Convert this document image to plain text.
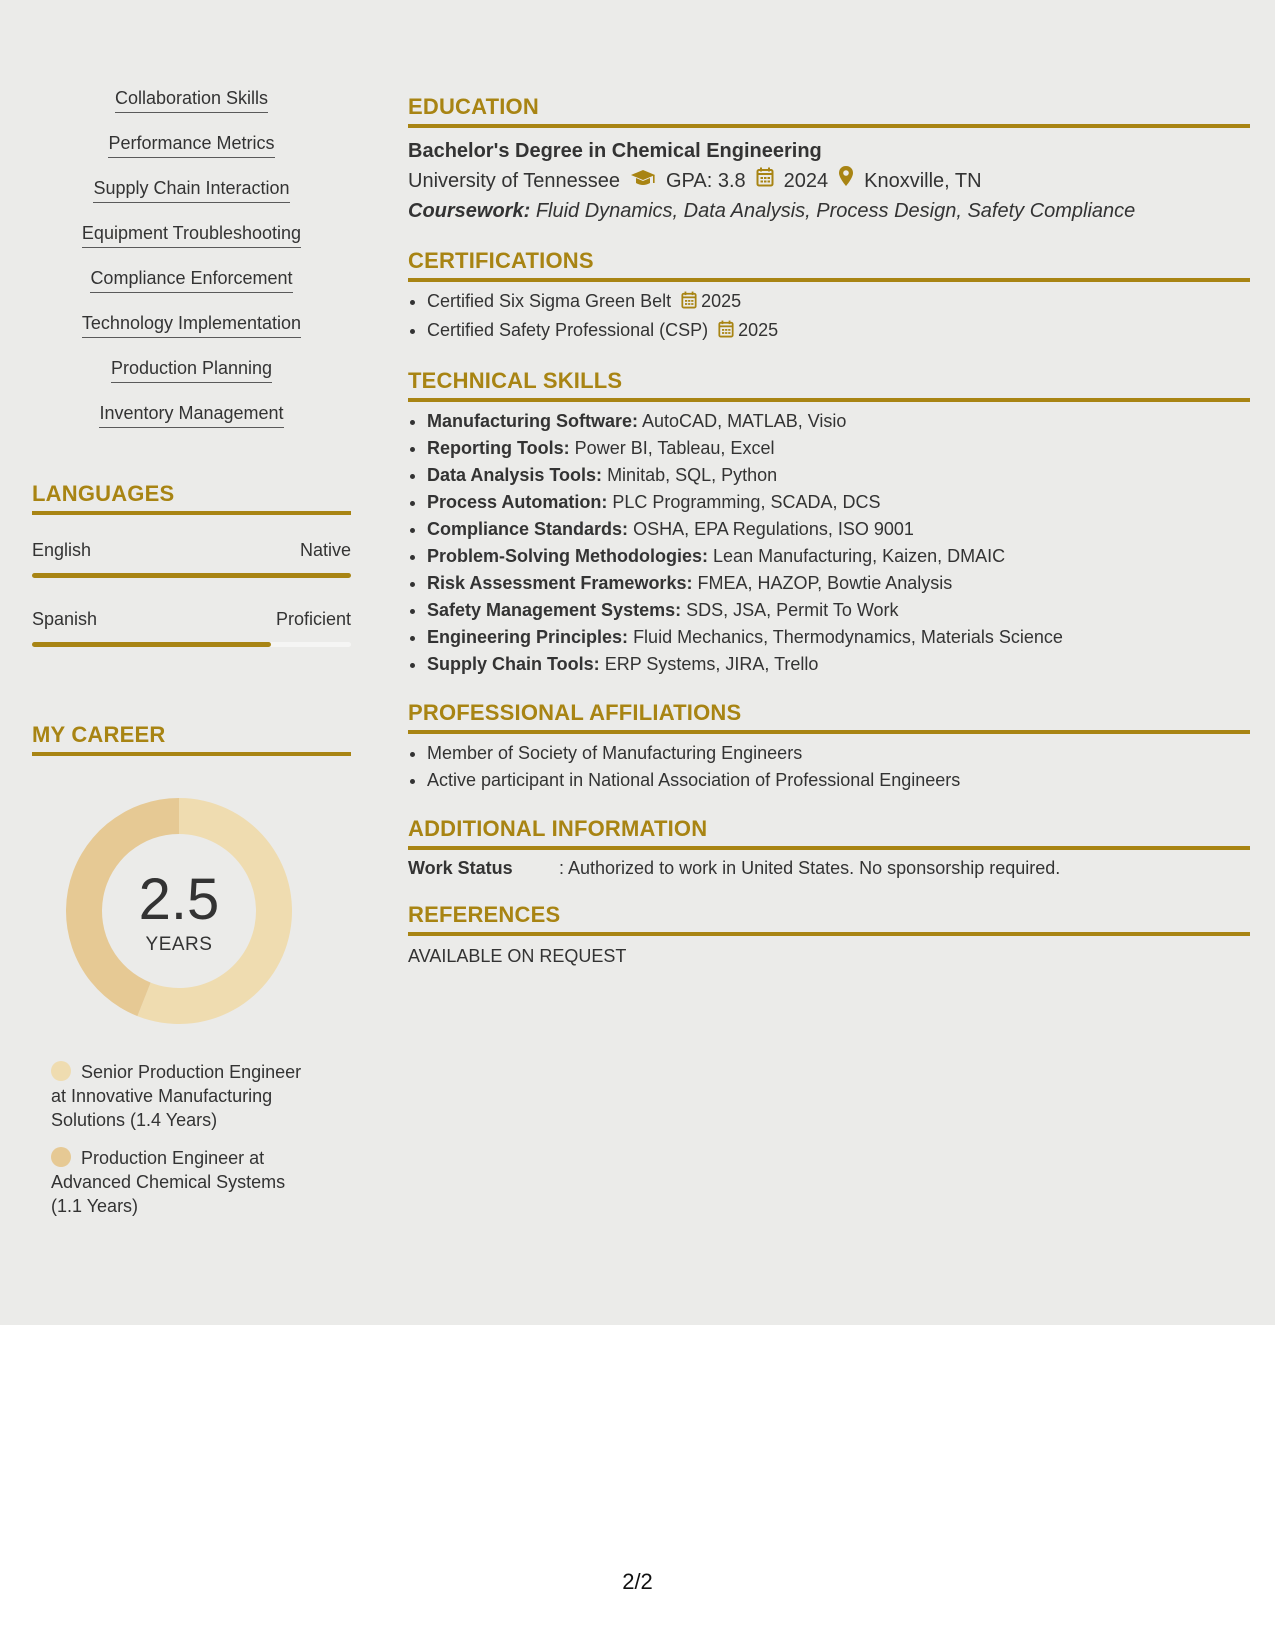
Collaboration Skills
Performance Metrics
Supply Chain Interaction
Equipment Troubleshooting
Compliance Enforcement
Technology Implementation
Production Planning
Inventory Management
LANGUAGES
English	Native
Spanish	Proficient
MY CAREER
2.5
YEARS
Senior Production Engineer at Innovative Manufacturing Solutions (1.4 Years)
Production Engineer at Advanced Chemical Systems (1.1 Years)
EDUCATION
Bachelor's Degree in Chemical Engineering
University of Tennessee GPA: 3.8 2024 Knoxville, TN
Coursework: Fluid Dynamics, Data Analysis, Process Design, Safety Compliance
CERTIFICATIONS
• Certified Six Sigma Green Belt 2025
• Certified Safety Professional (CSP) 2025
TECHNICAL SKILLS
• Manufacturing Software: AutoCAD, MATLAB, Visio
• Reporting Tools: Power BI, Tableau, Excel
• Data Analysis Tools: Minitab, SQL, Python
• Process Automation: PLC Programming, SCADA, DCS
• Compliance Standards: OSHA, EPA Regulations, ISO 9001
• Problem-Solving Methodologies: Lean Manufacturing, Kaizen, DMAIC
• Risk Assessment Frameworks: FMEA, HAZOP, Bowtie Analysis
• Safety Management Systems: SDS, JSA, Permit To Work
• Engineering Principles: Fluid Mechanics, Thermodynamics, Materials Science
• Supply Chain Tools: ERP Systems, JIRA, Trello
PROFESSIONAL AFFILIATIONS
• Member of Society of Manufacturing Engineers
• Active participant in National Association of Professional Engineers
ADDITIONAL INFORMATION
Work Status	: Authorized to work in United States. No sponsorship required.
REFERENCES
AVAILABLE ON REQUEST
2/2
